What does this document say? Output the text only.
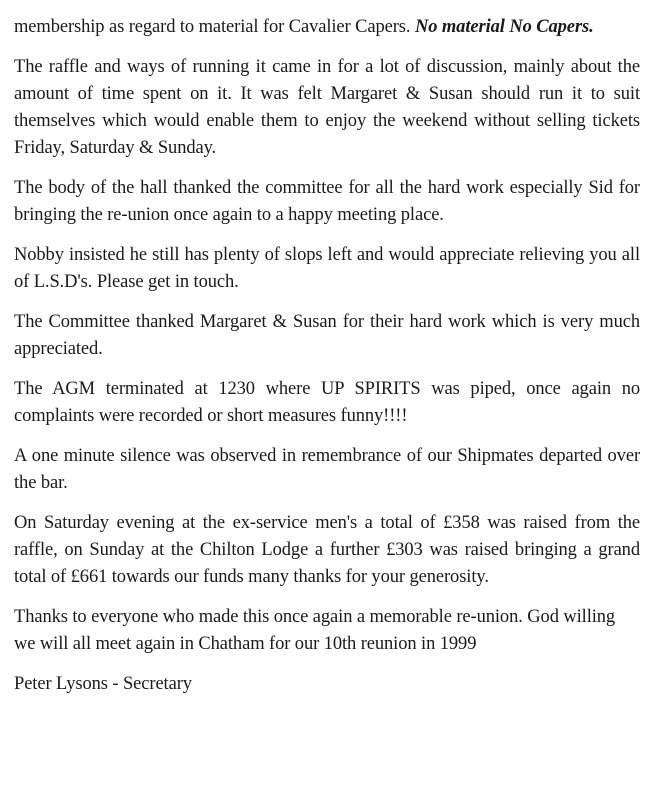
membership as regard to material for Cavalier Capers. No material No Capers.

The raffle and ways of running it came in for a lot of discussion, mainly about the amount of time spent on it. It was felt Margaret & Susan should run it to suit themselves which would enable them to enjoy the weekend without selling tickets Friday, Saturday & Sunday.

The body of the hall thanked the committee for all the hard work especially Sid for bringing the re-union once again to a happy meeting place.

Nobby insisted he still has plenty of slops left and would appreciate relieving you all of L.S.D's. Please get in touch.

The Committee thanked Margaret & Susan for their hard work which is very much appreciated.

The AGM terminated at 1230 where UP SPIRITS was piped, once again no complaints were recorded or short measures funny!!!!

A one minute silence was observed in remembrance of our Shipmates departed over the bar.

On Saturday evening at the ex-service men's a total of £358 was raised from the raffle, on Sunday at the Chilton Lodge a further £303 was raised bringing a grand total of £661 towards our funds many thanks for your generosity.

Thanks to everyone who made this once again a memorable re-union. God willing we will all meet again in Chatham for our 10th reunion in 1999

Peter Lysons - Secretary
